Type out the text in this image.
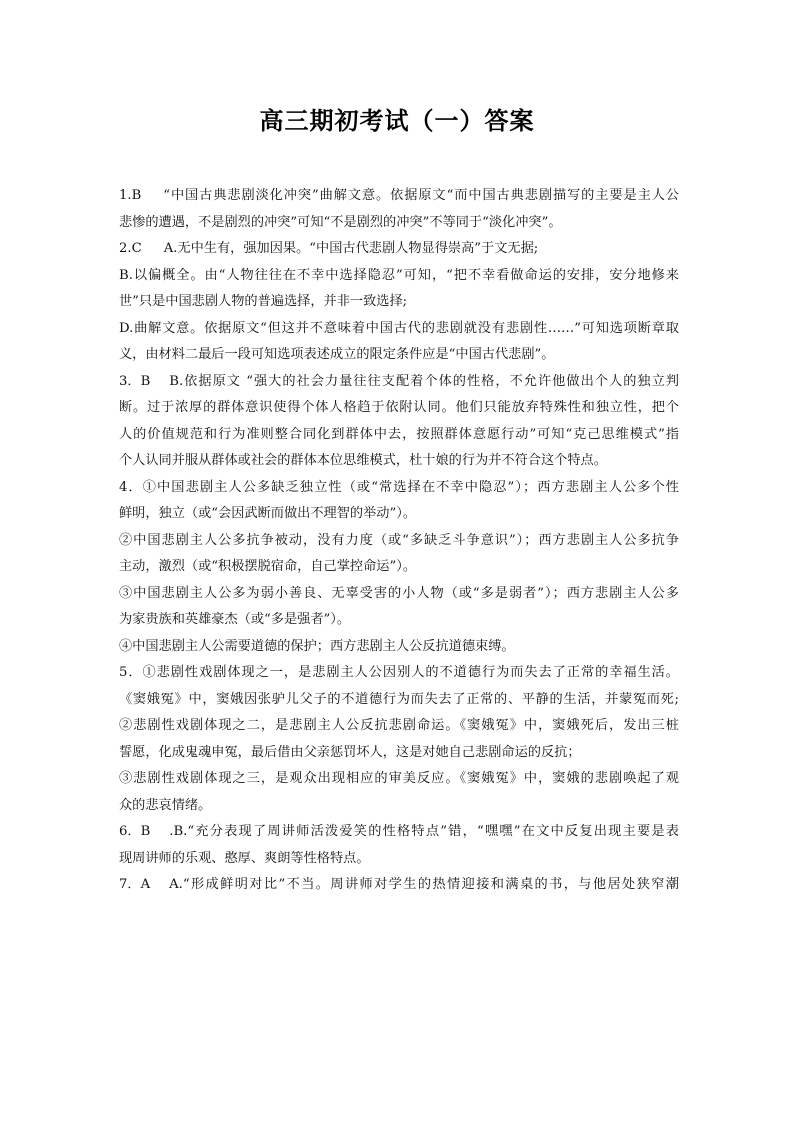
高三期初考试（一）答案
1.B “中国古典悲剧淡化冲突”曲解文意。依据原文“而中国古典悲剧描写的主要是主人公
悲惨的遭遇，不是剧烈的冲突”可知“不是剧烈的冲突”不等同于“淡化冲突”。
2.C A.无中生有，强加因果。“中国古代悲剧人物显得崇高”于文无据;
B.以偏概全。由“人物往往在不幸中选择隐忍”可知，“把不幸看做命运的安排，安分地修来
世”只是中国悲剧人物的普遍选择，并非一致选择;
D.曲解文意。依据原文“但这并不意味着中国古代的悲剧就没有悲剧性……”可知选项断章取
义，由材料二最后一段可知选项表述成立的限定条件应是“中国古代悲剧”。
3．B B.依据原文 “强大的社会力量往往支配着个体的性格，不允许他做出个人的独立判
断。过于浓厚的群体意识使得个体人格趋于依附认同。他们只能放弃特殊性和独立性，把个
人的价值规范和行为准则整合同化到群体中去，按照群体意愿行动”可知“克己思维模式”指
个人认同并服从群体或社会的群体本位思维模式，杜十娘的行为并不符合这个特点。
4．①中国悲剧主人公多缺乏独立性（或“常选择在不幸中隐忍”）；西方悲剧主人公多个性
鲜明，独立（或“会因武断而做出不理智的举动”）。
②中国悲剧主人公多抗争被动，没有力度（或“多缺乏斗争意识”）；西方悲剧主人公多抗争
主动，激烈（或“积极摆脱宿命，自己掌控命运”）。
③中国悲剧主人公多为弱小善良、无辜受害的小人物（或“多是弱者”）；西方悲剧主人公多
为家贵族和英雄豪杰（或“多是强者”）。
④中国悲剧主人公需要道德的保护；西方悲剧主人公反抗道德束缚。
5．①悲剧性戏剧体现之一，是悲剧主人公因别人的不道德行为而失去了正常的幸福生活。
《窦娥冤》中，窦娥因张驴儿父子的不道德行为而失去了正常的、平静的生活，并蒙冤而死;
②悲剧性戏剧体现之二，是悲剧主人公反抗悲剧命运。《窦娥冤》中，窦娥死后，发出三桩
誓愿，化成鬼魂申冤，最后借由父亲惩罚坏人，这是对她自己悲剧命运的反抗；
③悲剧性戏剧体现之三，是观众出现相应的审美反应。《窦娥冤》中，窦娥的悲剧唤起了观
众的悲哀情绪。
6．B .B.“充分表现了周讲师活泼爱笑的性格特点”错，“嘿嘿”在文中反复出现主要是表
现周讲师的乐观、憨厚、爽朗等性格特点。
7．A A.“形成鲜明对比”不当。周讲师对学生的热情迎接和满桌的书，与他居处狭窄潮
